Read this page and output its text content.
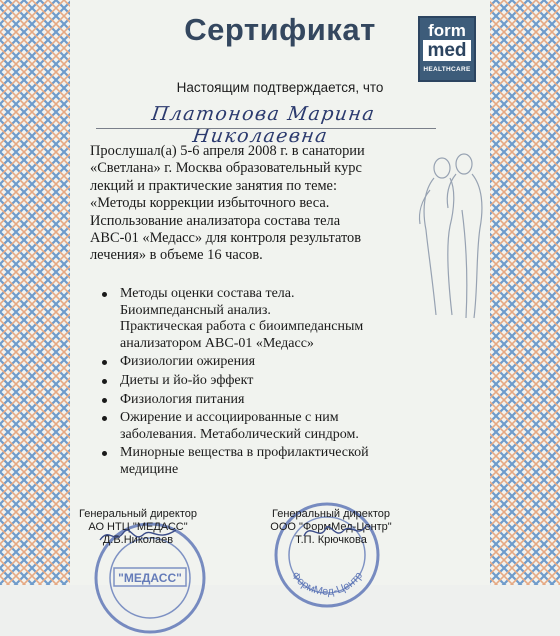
Сертификат	form
med
HEALTHCARE
Настоящим подтверждается, что
Платонова Марина Николаевна
Прослушал(а) 5-6 апреля 2008 г. в санатории
«Светлана» г. Москва образовательный курс
лекций и практические занятия по теме:
«Методы коррекции избыточного веса.
Использование анализатора состава тела
АВС-01 «Медасс» для контроля результатов
лечения» в объеме 16 часов.
Методы оценки состава тела.
Биоимпедансный анализ.
Практическая работа с биоимпедансным
анализатором АВС-01 «Медасс»
Физиологии ожирения
Диеты и йо-йо эффект
Физиология питания
Ожирение и ассоциированные с ним
заболевания. Метаболический синдром.
Минорные вещества в профилактической
медицине
"МЕДАСС"	ФормМед-Центр
Генеральный директор
АО НТЦ "МЕДАСС"
Д.В.Николаев
Генеральный директор
ООО "ФормМед-Центр"
Т.П. Крючкова
